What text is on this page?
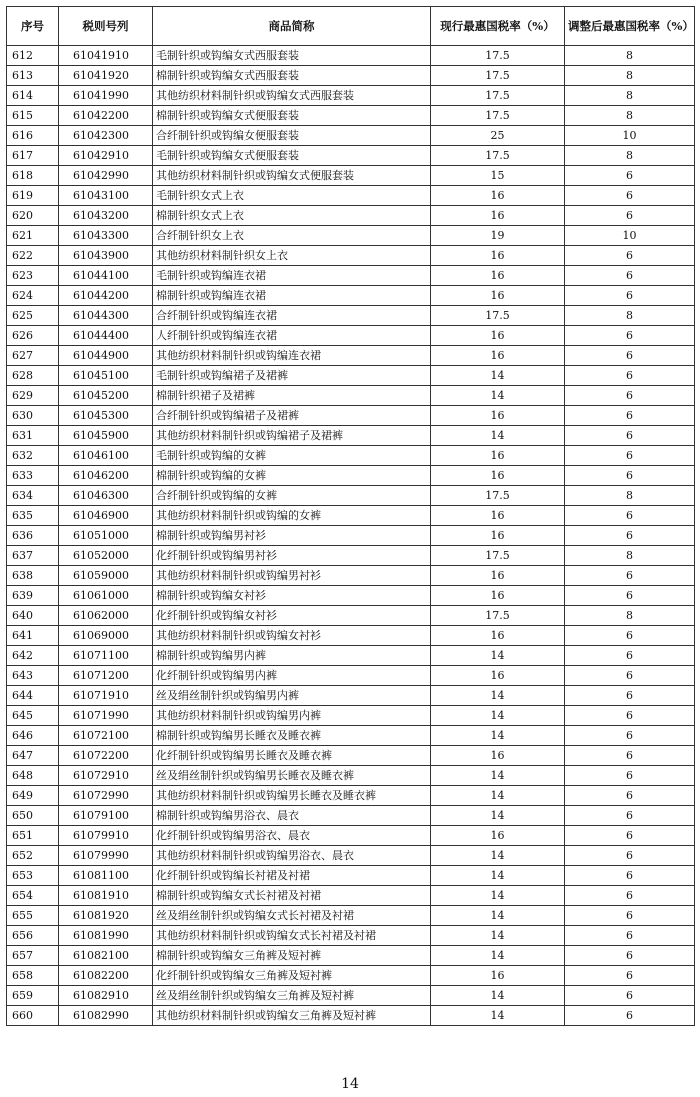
序号	税则号列	商品简称	现行最惠国税率（%）	调整后最惠国税率（%）
612	61041910	毛制针织或钩编女式西服套装	17.5	8
613	61041920	棉制针织或钩编女式西服套装	17.5	8
614	61041990	其他纺织材料制针织或钩编女式西服套装	17.5	8
615	61042200	棉制针织或钩编女式便服套装	17.5	8
616	61042300	合纤制针织或钩编女便服套装	25	10
617	61042910	毛制针织或钩编女式便服套装	17.5	8
618	61042990	其他纺织材料制针织或钩编女式便服套装	15	6
619	61043100	毛制针织女式上衣	16	6
620	61043200	棉制针织女式上衣	16	6
621	61043300	合纤制针织女上衣	19	10
622	61043900	其他纺织材料制针织女上衣	16	6
623	61044100	毛制针织或钩编连衣裙	16	6
624	61044200	棉制针织或钩编连衣裙	16	6
625	61044300	合纤制针织或钩编连衣裙	17.5	8
626	61044400	人纤制针织或钩编连衣裙	16	6
627	61044900	其他纺织材料制针织或钩编连衣裙	16	6
628	61045100	毛制针织或钩编裙子及裙裤	14	6
629	61045200	棉制针织裙子及裙裤	14	6
630	61045300	合纤制针织或钩编裙子及裙裤	16	6
631	61045900	其他纺织材料制针织或钩编裙子及裙裤	14	6
632	61046100	毛制针织或钩编的女裤	16	6
633	61046200	棉制针织或钩编的女裤	16	6
634	61046300	合纤制针织或钩编的女裤	17.5	8
635	61046900	其他纺织材料制针织或钩编的女裤	16	6
636	61051000	棉制针织或钩编男衬衫	16	6
637	61052000	化纤制针织或钩编男衬衫	17.5	8
638	61059000	其他纺织材料制针织或钩编男衬衫	16	6
639	61061000	棉制针织或钩编女衬衫	16	6
640	61062000	化纤制针织或钩编女衬衫	17.5	8
641	61069000	其他纺织材料制针织或钩编女衬衫	16	6
642	61071100	棉制针织或钩编男内裤	14	6
643	61071200	化纤制针织或钩编男内裤	16	6
644	61071910	丝及绢丝制针织或钩编男内裤	14	6
645	61071990	其他纺织材料制针织或钩编男内裤	14	6
646	61072100	棉制针织或钩编男长睡衣及睡衣裤	14	6
647	61072200	化纤制针织或钩编男长睡衣及睡衣裤	16	6
648	61072910	丝及绢丝制针织或钩编男长睡衣及睡衣裤	14	6
649	61072990	其他纺织材料制针织或钩编男长睡衣及睡衣裤	14	6
650	61079100	棉制针织或钩编男浴衣、晨衣	14	6
651	61079910	化纤制针织或钩编男浴衣、晨衣	16	6
652	61079990	其他纺织材料制针织或钩编男浴衣、晨衣	14	6
653	61081100	化纤制针织或钩编长衬裙及衬裙	14	6
654	61081910	棉制针织或钩编女式长衬裙及衬裙	14	6
655	61081920	丝及绢丝制针织或钩编女式长衬裙及衬裙	14	6
656	61081990	其他纺织材料制针织或钩编女式长衬裙及衬裙	14	6
657	61082100	棉制针织或钩编女三角裤及短衬裤	14	6
658	61082200	化纤制针织或钩编女三角裤及短衬裤	16	6
659	61082910	丝及绢丝制针织或钩编女三角裤及短衬裤	14	6
660	61082990	其他纺织材料制针织或钩编女三角裤及短衬裤	14	6
14
